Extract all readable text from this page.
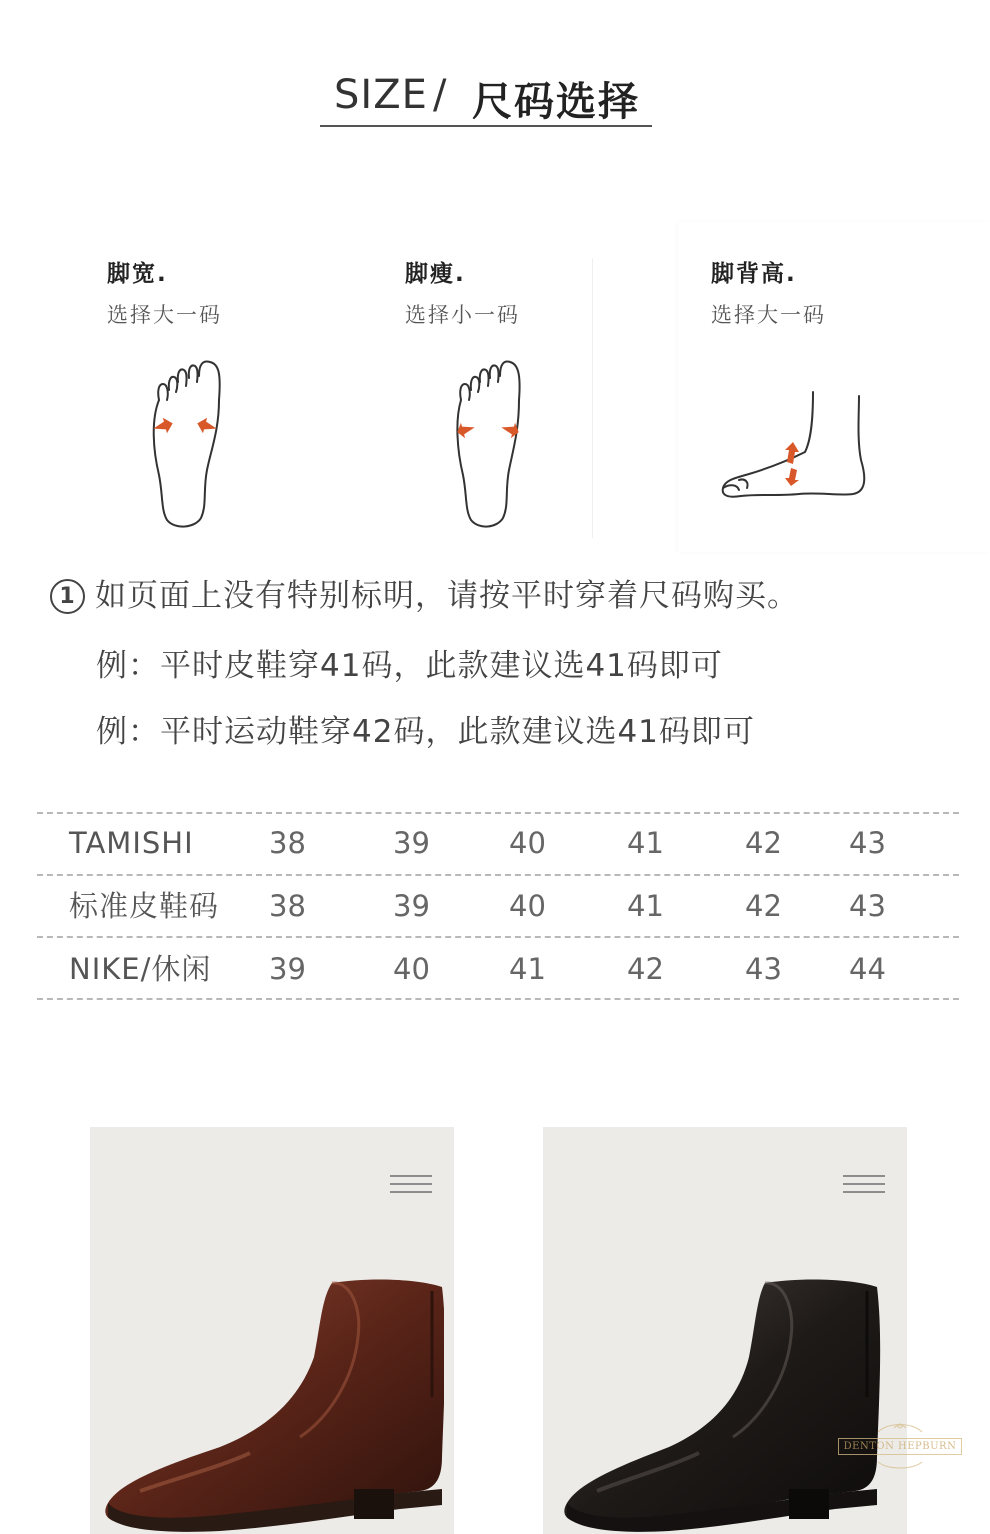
SIZE / 尺码选择
脚宽.
选择大一码
脚瘦.
选择小一码
脚背高.
选择大一码
1 如页面上没有特别标明，请按平时穿着尺码购买。
例：平时皮鞋穿41码，此款建议选41码即可
例：平时运动鞋穿42码，此款建议选41码即可
TAMISHI	38	39	40	41	42 43
标准皮鞋码 38	39	40	41	42 43
NIKE/休闲 39	40	41	42	43 44
DENTON HEPBURN
